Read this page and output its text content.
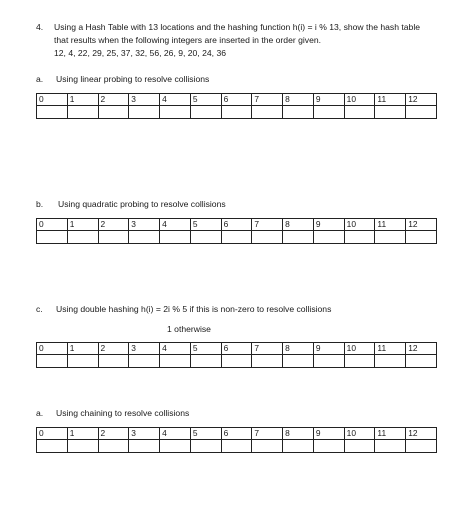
4. Using a Hash Table with 13 locations and the hashing function h(i) = i % 13, show the hash table
that results when the following integers are inserted in the order given.
12, 4, 22, 29, 25, 37, 32, 56, 26, 9, 20, 24, 36
a. Using linear probing to resolve collisions
0	1	2	3	4	5	6	7	8	9	10	11	12

b. Using quadratic probing to resolve collisions
0	1	2	3	4	5	6	7	8	9	10	11	12

c. Using double hashing h(i) = 2i % 5 if this is non-zero to resolve collisions
1 otherwise
0	1	2	3	4	5	6	7	8	9	10	11	12

a. Using chaining to resolve collisions
0	1	2	3	4	5	6	7	8	9	10	11	12
